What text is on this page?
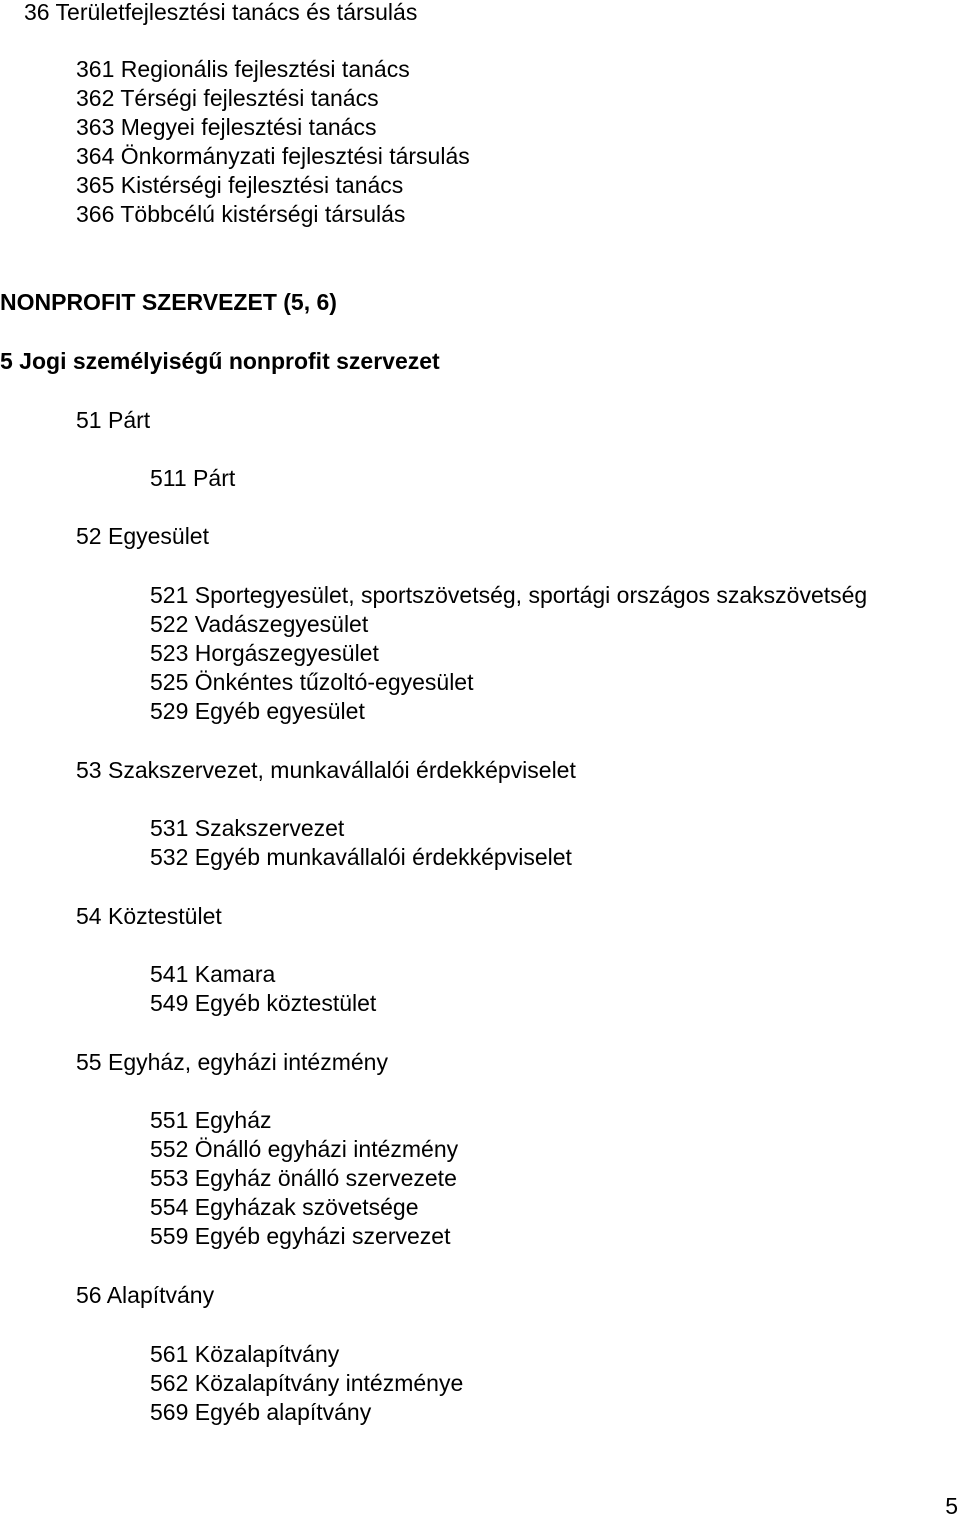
36 Területfejlesztési tanács és társulás
361 Regionális fejlesztési tanács
362 Térségi fejlesztési tanács
363 Megyei fejlesztési tanács
364 Önkormányzati fejlesztési társulás
365 Kistérségi fejlesztési tanács
366 Többcélú kistérségi társulás
NONPROFIT SZERVEZET (5, 6)
5 Jogi személyiségű nonprofit szervezet
51 Párt
511 Párt
52 Egyesület
521 Sportegyesület, sportszövetség, sportági országos szakszövetség
522 Vadászegyesület
523 Horgászegyesület
525 Önkéntes tűzoltó-egyesület
529 Egyéb egyesület
53 Szakszervezet, munkavállalói érdekképviselet
531 Szakszervezet
532 Egyéb munkavállalói érdekképviselet
54 Köztestület
541 Kamara
549 Egyéb köztestület
55 Egyház, egyházi intézmény
551 Egyház
552 Önálló egyházi intézmény
553 Egyház önálló szervezete
554 Egyházak szövetsége
559 Egyéb egyházi szervezet
56 Alapítvány
561 Közalapítvány
562 Közalapítvány intézménye
569 Egyéb alapítvány
5
